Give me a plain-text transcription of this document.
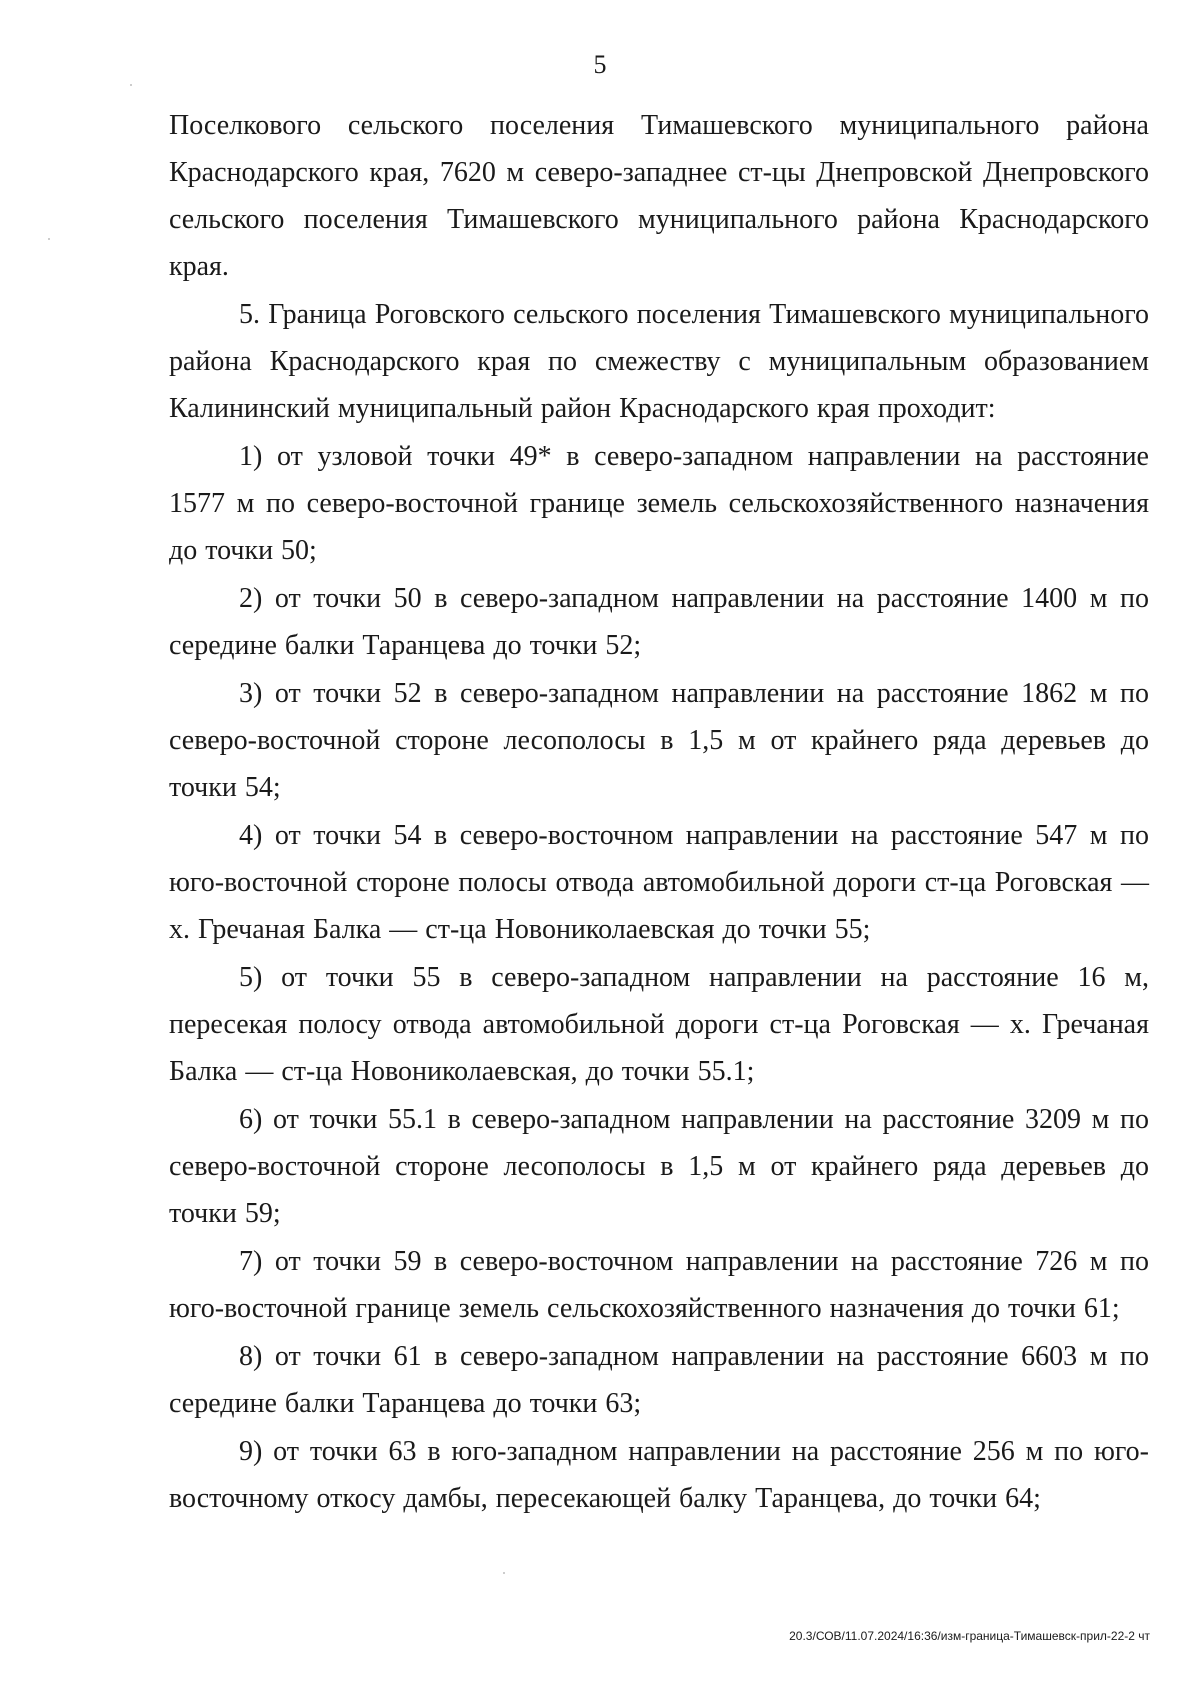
5

Поселкового сельского поселения Тимашевского муниципального района Краснодарского края, 7620 м северо-западнее ст-цы Днепровской Днепровского сельского поселения Тимашевского муниципального района Краснодарского края.

5. Граница Роговского сельского поселения Тимашевского муниципального района Краснодарского края по смежеству с муниципальным образованием Калининский муниципальный район Краснодарского края проходит:

1) от узловой точки 49* в северо-западном направлении на расстояние 1577 м по северо-восточной границе земель сельскохозяйственного назначения до точки 50;

2) от точки 50 в северо-западном направлении на расстояние 1400 м по середине балки Таранцева до точки 52;

3) от точки 52 в северо-западном направлении на расстояние 1862 м по северо-восточной стороне лесополосы в 1,5 м от крайнего ряда деревьев до точки 54;

4) от точки 54 в северо-восточном направлении на расстояние 547 м по юго-восточной стороне полосы отвода автомобильной дороги ст-ца Роговская — х. Гречаная Балка — ст-ца Новониколаевская до точки 55;

5) от точки 55 в северо-западном направлении на расстояние 16 м, пересекая полосу отвода автомобильной дороги ст-ца Роговская — х. Гречаная Балка — ст-ца Новониколаевская, до точки 55.1;

6) от точки 55.1 в северо-западном направлении на расстояние 3209 м по северо-восточной стороне лесополосы в 1,5 м от крайнего ряда деревьев до точки 59;

7) от точки 59 в северо-восточном направлении на расстояние 726 м по юго-восточной границе земель сельскохозяйственного назначения до точки 61;

8) от точки 61 в северо-западном направлении на расстояние 6603 м по середине балки Таранцева до точки 63;

9) от точки 63 в юго-западном направлении на расстояние 256 м по юго-восточному откосу дамбы, пересекающей балку Таранцева, до точки 64;

20.3/СОВ/11.07.2024/16:36/изм-граница-Тимашевск-прил-22-2 чт
